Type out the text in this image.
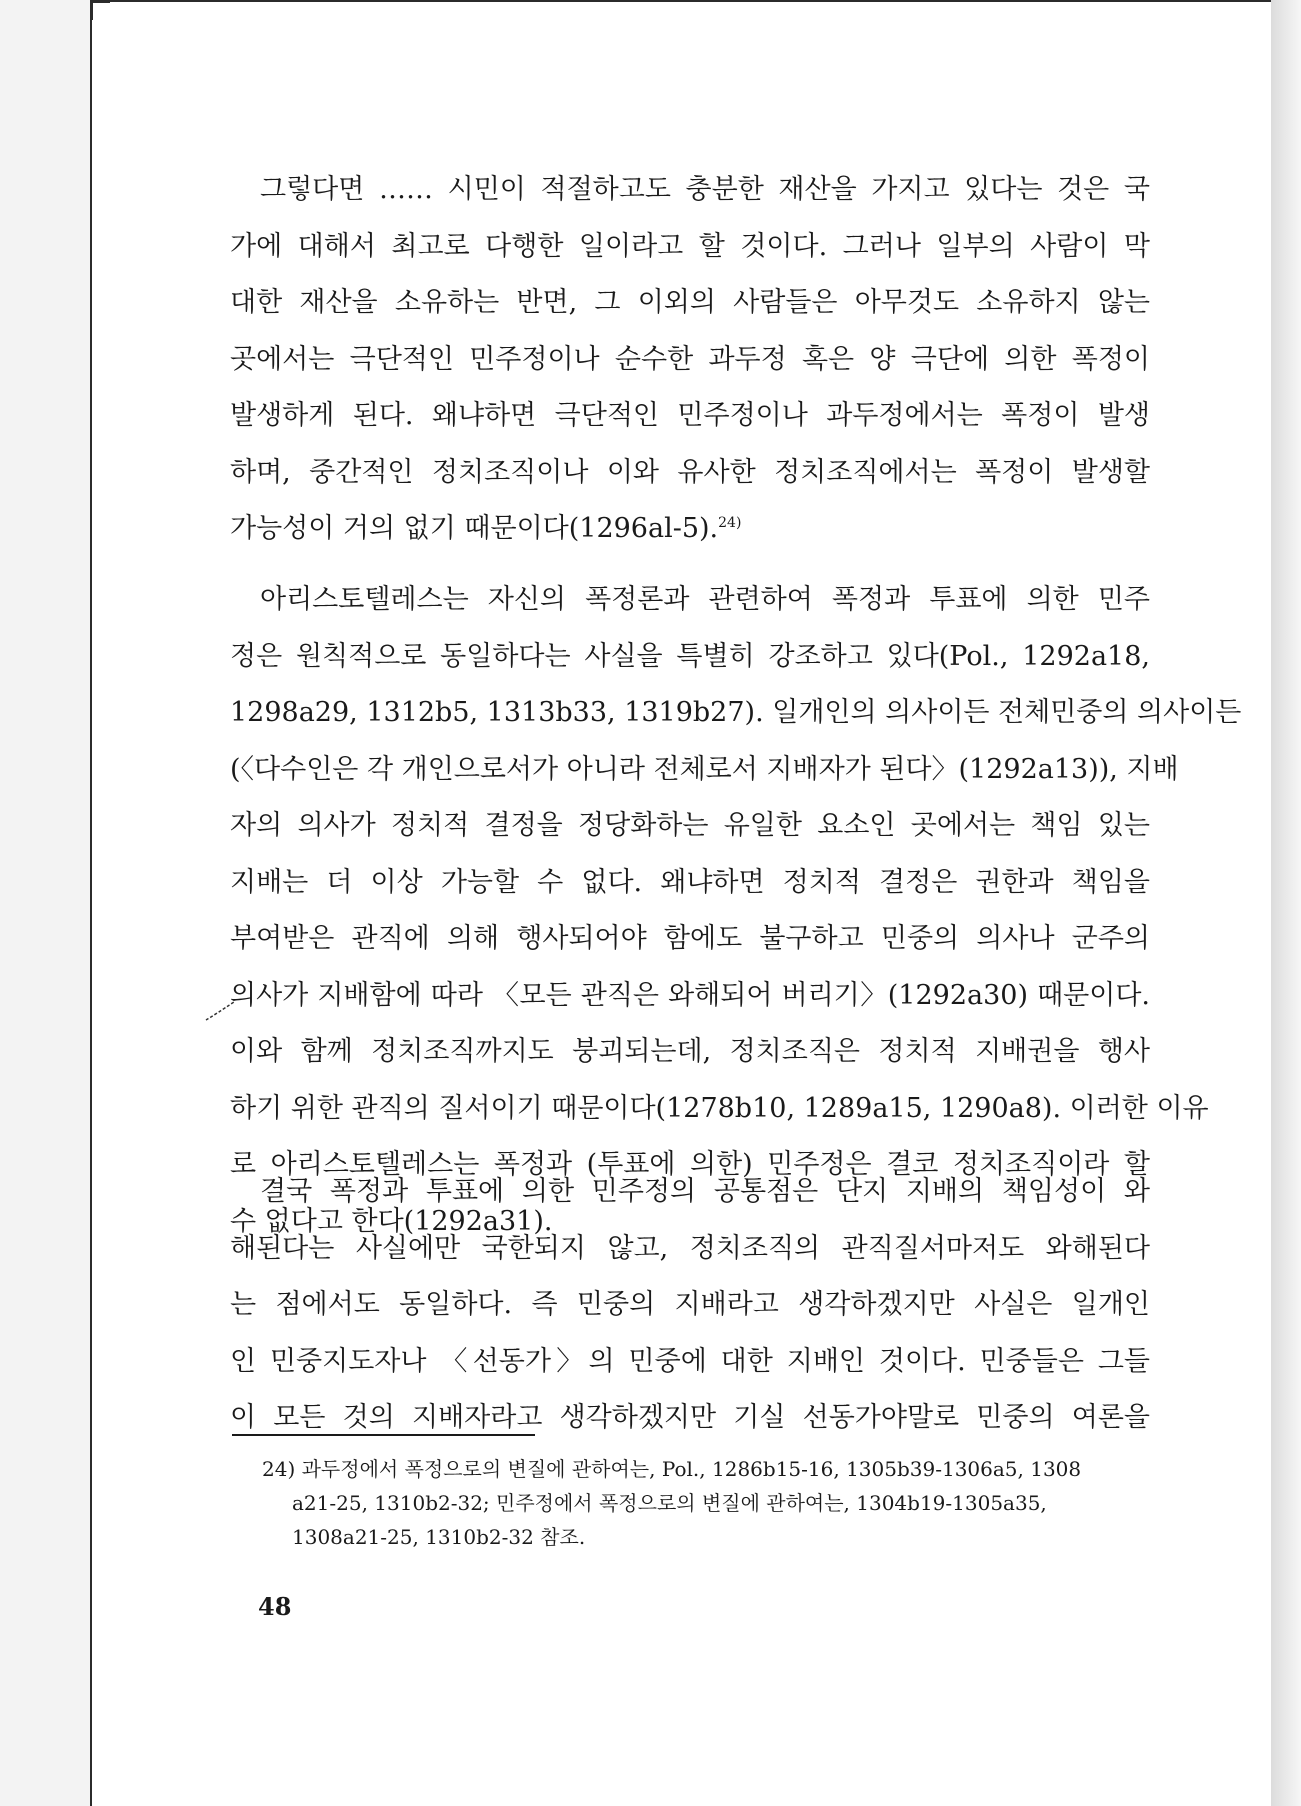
그렇다면 …… 시민이 적절하고도 충분한 재산을 가지고 있다는 것은 국
가에 대해서 최고로 다행한 일이라고 할 것이다. 그러나 일부의 사람이 막
대한 재산을 소유하는 반면, 그 이외의 사람들은 아무것도 소유하지 않는
곳에서는 극단적인 민주정이나 순수한 과두정 혹은 양 극단에 의한 폭정이
발생하게 된다. 왜냐하면 극단적인 민주정이나 과두정에서는 폭정이 발생
하며, 중간적인 정치조직이나 이와 유사한 정치조직에서는 폭정이 발생할
가능성이 거의 없기 때문이다(1296al-5).$^{24)}$
아리스토텔레스는 자신의 폭정론과 관련하여 폭정과 투표에 의한 민주
정은 원칙적으로 동일하다는 사실을 특별히 강조하고 있다(Pol., 1292a18,
1298a29, 1312b5, 1313b33, 1319b27). 일개인의 의사이든 전체민중의 의사이든
(〈다수인은 각 개인으로서가 아니라 전체로서 지배자가 된다〉(1292a13)), 지배
자의 의사가 정치적 결정을 정당화하는 유일한 요소인 곳에서는 책임 있는
지배는 더 이상 가능할 수 없다. 왜냐하면 정치적 결정은 권한과 책임을
부여받은 관직에 의해 행사되어야 함에도 불구하고 민중의 의사나 군주의
의사가 지배함에 따라 〈모든 관직은 와해되어 버리기〉(1292a30) 때문이다.
이와 함께 정치조직까지도 붕괴되는데, 정치조직은 정치적 지배권을 행사
하기 위한 관직의 질서이기 때문이다(1278b10, 1289a15, 1290a8). 이러한 이유
로 아리스토텔레스는 폭정과 (투표에 의한) 민주정은 결코 정치조직이라 할
수 없다고 한다(1292a31).
결국 폭정과 투표에 의한 민주정의 공통점은 단지 지배의 책임성이 와
해된다는 사실에만 국한되지 않고, 정치조직의 관직질서마저도 와해된다
는 점에서도 동일하다. 즉 민중의 지배라고 생각하겠지만 사실은 일개인
인 민중지도자나 〈선동가〉의 민중에 대한 지배인 것이다. 민중들은 그들
이 모든 것의 지배자라고 생각하겠지만 기실 선동가야말로 민중의 여론을
24) 과두정에서 폭정으로의 변질에 관하여는, Pol., 1286b15-16, 1305b39-1306a5, 1308
a21-25, 1310b2-32; 민주정에서 폭정으로의 변질에 관하여는, 1304b19-1305a35,
1308a21-25, 1310b2-32 참조.
48
